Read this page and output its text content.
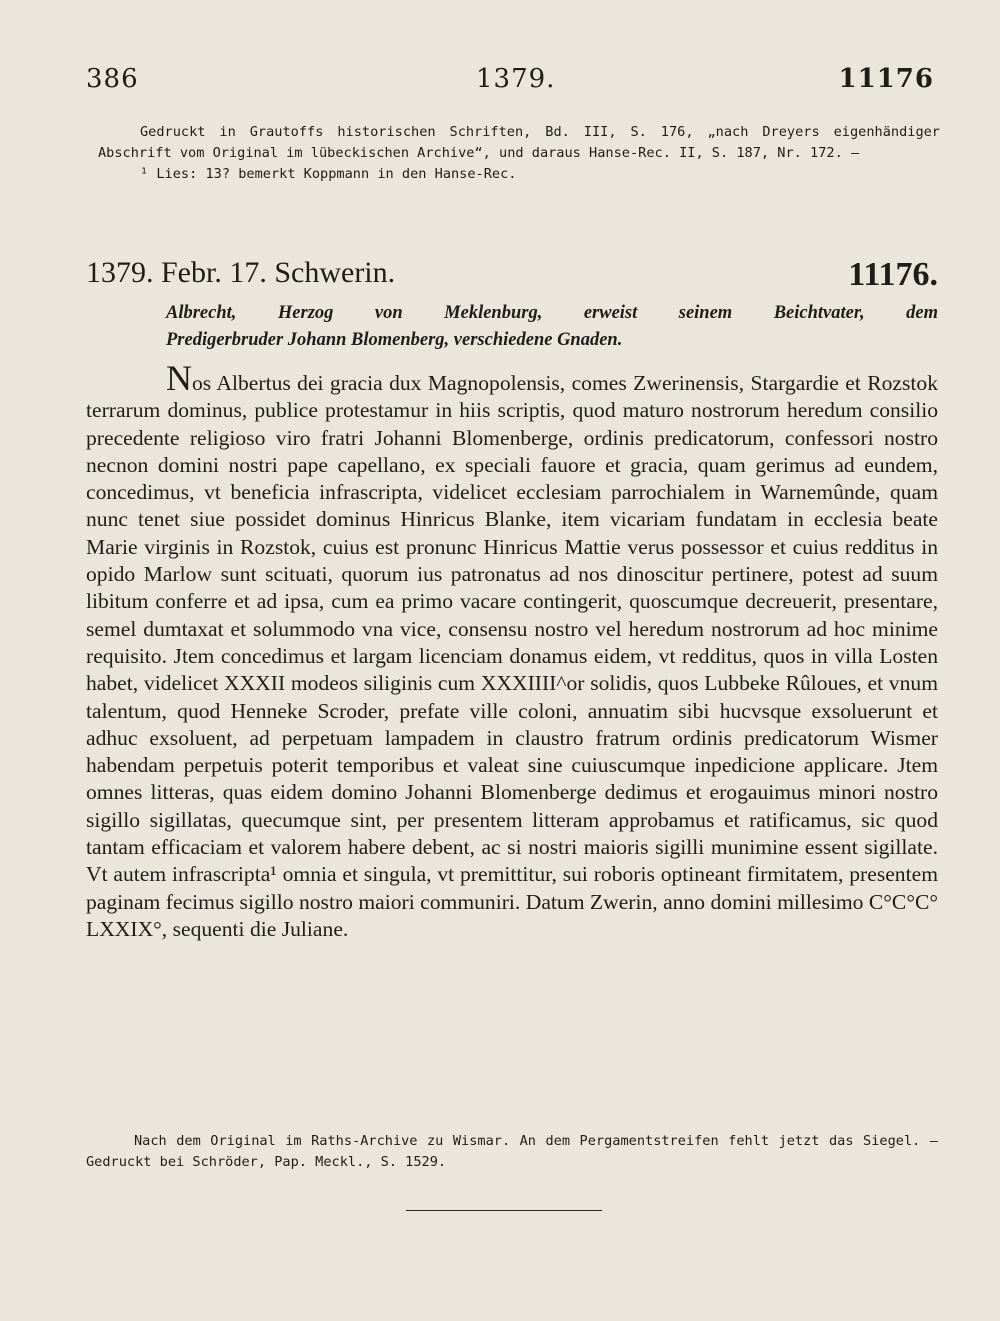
386	1379.	11176

Gedruckt in Grautoffs historischen Schriften, Bd. III, S. 176, „nach Dreyers eigenhändiger Abschrift vom Original im lübeckischen Archive“, und daraus Hanse-Rec. II, S. 187, Nr. 172. —

¹ Lies: 13? bemerkt Koppmann in den Hanse-Rec.

1379. Febr. 17. Schwerin.	11176.
Albrecht, Herzog von Meklenburg, erweist seinem Beichtvater, dem
Predigerbruder Johann Blomenberg, verschiedene Gnaden.

Nos Albertus dei gracia dux Magnopolensis, comes Zwerinensis, Stargardie et Rozstok terrarum dominus, publice protestamur in hiis scriptis, quod maturo nostrorum heredum consilio precedente religioso viro fratri Johanni Blomenberge, ordinis predicatorum, confessori nostro necnon domini nostri pape capellano, ex speciali fauore et gracia, quam gerimus ad eundem, concedimus, vt beneficia infrascripta, videlicet ecclesiam parrochialem in Warnemûnde, quam nunc tenet siue possidet dominus Hinricus Blanke, item vicariam fundatam in ecclesia beate Marie virginis in Rozstok, cuius est pronunc Hinricus Mattie verus possessor et cuius redditus in opido Marlow sunt scituati, quorum ius patronatus ad nos dinoscitur pertinere, potest ad suum libitum conferre et ad ipsa, cum ea primo vacare contingerit, quoscumque decreuerit, presentare, semel dumtaxat et solummodo vna vice, consensu nostro vel heredum nostrorum ad hoc minime requisito. Jtem concedimus et largam licenciam donamus eidem, vt redditus, quos in villa Losten habet, videlicet XXXII modeos siliginis cum XXXIIII^or solidis, quos Lubbeke Rûloues, et vnum talentum, quod Henneke Scroder, prefate ville coloni, annuatim sibi hucvsque exsoluerunt et adhuc exsoluent, ad perpetuam lampadem in claustro fratrum ordinis predicatorum Wismer habendam perpetuis poterit temporibus et valeat sine cuiuscumque inpedicione applicare. Jtem omnes litteras, quas eidem domino Johanni Blomenberge dedimus et erogauimus minori nostro sigillo sigillatas, quecumque sint, per presentem litteram approbamus et ratificamus, sic quod tantam efficaciam et valorem habere debent, ac si nostri maioris sigilli munimine essent sigillate. Vt autem infrascripta¹ omnia et singula, vt premittitur, sui roboris optineant firmitatem, presentem paginam fecimus sigillo nostro maiori communiri. Datum Zwerin, anno domini millesimo C°C°C° LXXIX°, sequenti die Juliane.

Nach dem Original im Raths-Archive zu Wismar. An dem Pergamentstreifen fehlt jetzt das Siegel. — Gedruckt bei Schröder, Pap. Meckl., S. 1529.
